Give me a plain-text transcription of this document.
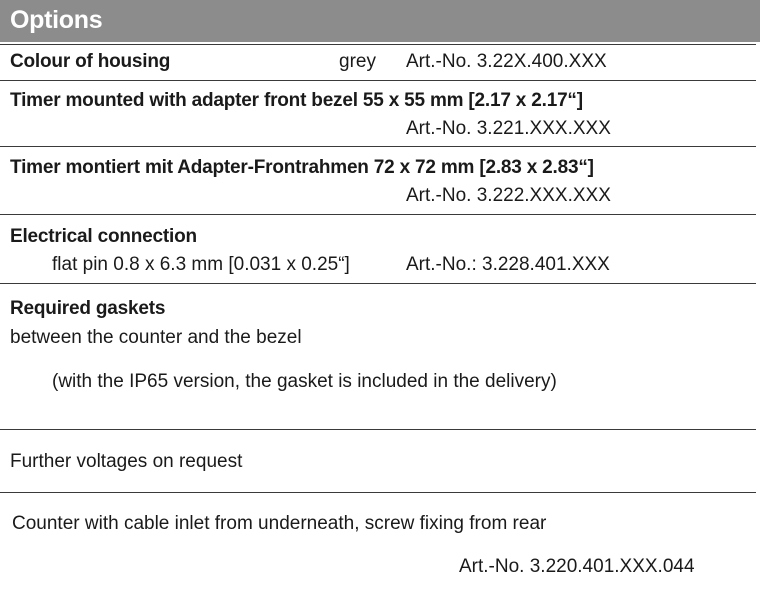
Options
Colour of housing	grey Art.-No. 3.22X.400.XXX
Timer mounted with adapter front bezel 55 x 55 mm [2.17 x 2.17“]
Art.-No. 3.221.XXX.XXX
Timer montiert mit Adapter-Frontrahmen 72 x 72 mm [2.83 x 2.83“]
Art.-No. 3.222.XXX.XXX
Electrical connection
flat pin 0.8 x 6.3 mm [0.031 x 0.25“]	Art.-No.: 3.228.401.XXX
Required gaskets
between the counter and the bezel
(with the IP65 version, the gasket is included in the delivery)
Further voltages on request
Counter with cable inlet from underneath, screw fixing from rear
Art.-No. 3.220.401.XXX.044
